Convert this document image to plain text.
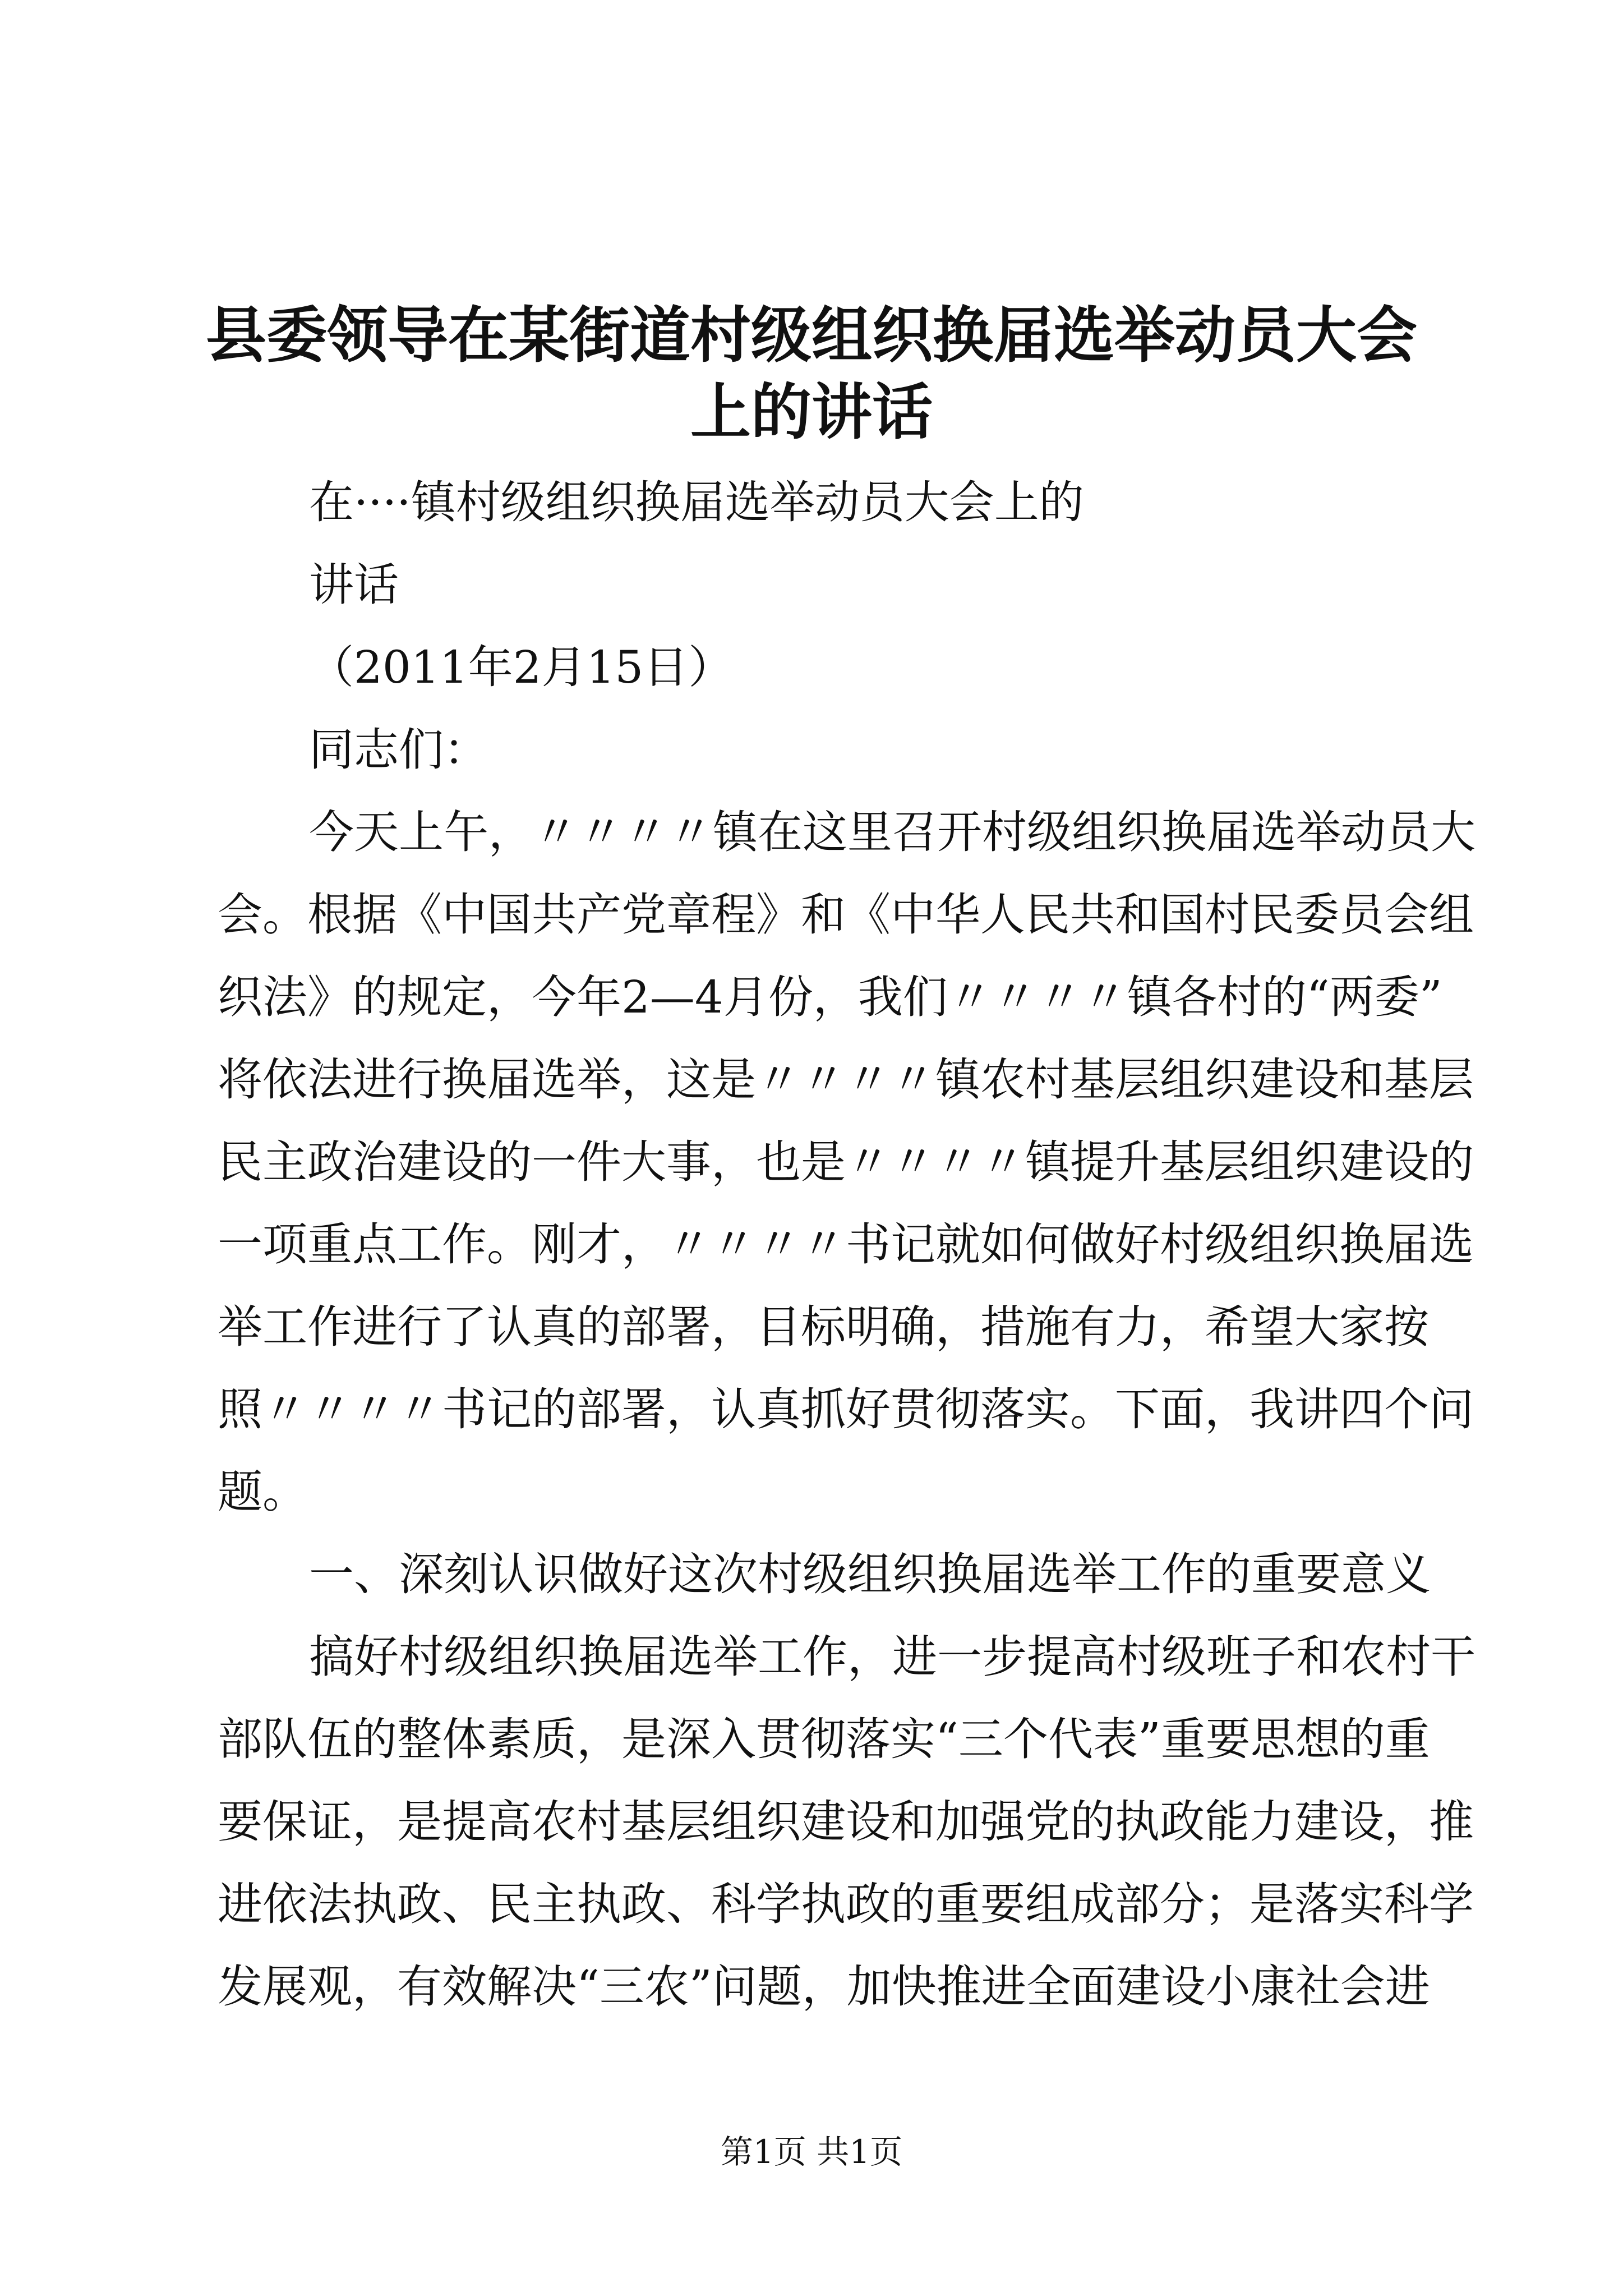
县委领导在某街道村级组织换届选举动员大会
上的讲话
在····镇村级组织换届选举动员大会上的
讲话
（2011年2月15日）
同志们：
今天上午，〃〃〃〃镇在这里召开村级组织换届选举动员大
会。根据《中国共产党章程》和《中华人民共和国村民委员会组
织法》的规定，今年2—4月份，我们〃〃〃〃镇各村的“两委”
将依法进行换届选举，这是〃〃〃〃镇农村基层组织建设和基层
民主政治建设的一件大事，也是〃〃〃〃镇提升基层组织建设的
一项重点工作。刚才，〃〃〃〃书记就如何做好村级组织换届选
举工作进行了认真的部署，目标明确，措施有力，希望大家按
照〃〃〃〃书记的部署，认真抓好贯彻落实。下面，我讲四个问
题。
一、深刻认识做好这次村级组织换届选举工作的重要意义
搞好村级组织换届选举工作，进一步提高村级班子和农村干
部队伍的整体素质，是深入贯彻落实“三个代表”重要思想的重
要保证，是提高农村基层组织建设和加强党的执政能力建设，推
进依法执政、民主执政、科学执政的重要组成部分；是落实科学
发展观，有效解决“三农”问题，加快推进全面建设小康社会进
第1页 共1页
